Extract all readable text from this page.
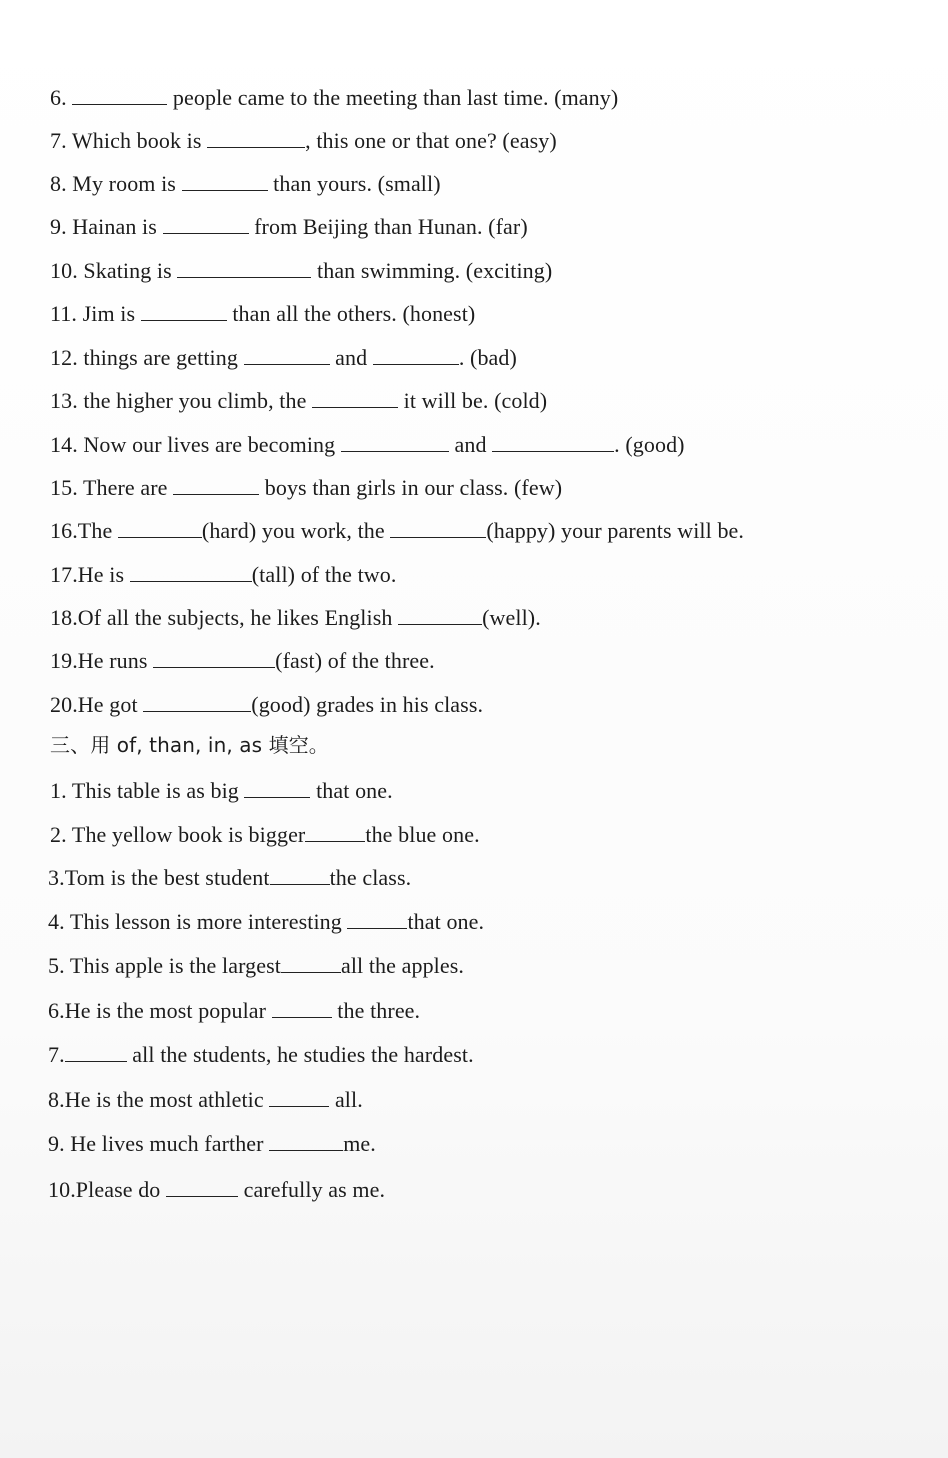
6.	people came to the meeting than last time. (many)
7. Which book is	, this one or that one? (easy)
8. My room is	than yours. (small)
9. Hainan is	from Beijing than Hunan. (far)
10. Skating is	than swimming. (exciting)
11. Jim is	than all the others. (honest)
12. things are getting	and	. (bad)
13. the higher you climb, the	it will be. (cold)
14. Now our lives are becoming	and	. (good)
15. There are	boys than girls in our class. (few)
16.The	(hard) you work, the	(happy) your parents will be.
17.He is	(tall) of the two.
18.Of all the subjects, he likes English	(well).
19.He runs	(fast) of the three.
20.He got	(good) grades in his class.
三、用 of, than, in, as 填空。
1. This table is as big	that one.
2. The yellow book is bigger	the blue one.
3.Tom is the best student	the class.
4. This lesson is more interesting	that one.
5. This apple is the largest	all the apples.
6.He is the most popular	the three.
7.	all the students, he studies the hardest.
8.He is the most athletic	all.
9. He lives much farther	me.
10.Please do	carefully as me.
